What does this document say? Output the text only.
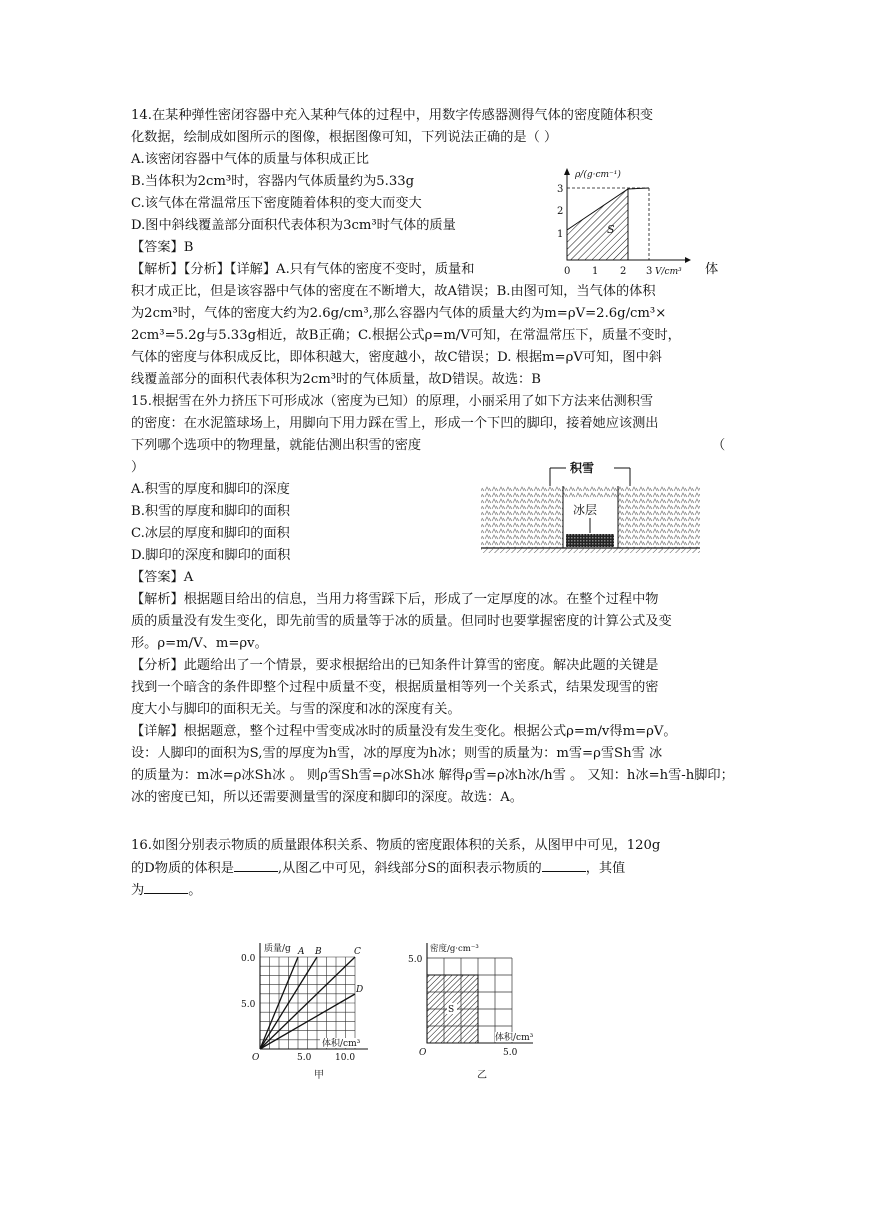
14.在某种弹性密闭容器中充入某种气体的过程中，用数字传感器测得气体的密度随体积变
化数据，绘制成如图所示的图像，根据图像可知，下列说法正确的是（ ）
A.该密闭容器中气体的质量与体积成正比
B.当体积为2cm³时，容器内气体质量约为5.33g
C.该气体在常温常压下密度随着体积的变大而变大
D.图中斜线覆盖部分面积代表体积为3cm³时气体的质量
【答案】B
【解析】【分析】【详解】A.只有气体的密度不变时，质量和	体
积才成正比，但是该容器中气体的密度在不断增大，故A错误；B.由图可知，当气体的体积
为2cm³时，气体的密度大约为2.6g/cm³,那么容器内气体的质量大约为m=ρV=2.6g/cm³×
2cm³=5.2g与5.33g相近，故B正确；C.根据公式ρ=m/V可知，在常温常压下，质量不变时，
气体的密度与体积成反比，即体积越大，密度越小，故C错误；D. 根据m=ρV可知，图中斜
线覆盖部分的面积代表体积为2cm³时的气体质量，故D错误。故选：B
S
ρ/(g·cm⁻¹)
V/cm³
0 1 2 3
1
2
3
15.根据雪在外力挤压下可形成冰（密度为已知）的原理，小丽采用了如下方法来估测积雪
的密度：在水泥篮球场上，用脚向下用力踩在雪上，形成一个下凹的脚印，接着她应该测出
下列哪个选项中的物理量，就能估测出积雪的密度	（
）
A.积雪的厚度和脚印的深度
B.积雪的厚度和脚印的面积
C.冰层的厚度和脚印的面积
D.脚印的深度和脚印的面积
【答案】A
【解析】根据题目给出的信息，当用力将雪踩下后，形成了一定厚度的冰。在整个过程中物
质的质量没有发生变化，即先前雪的质量等于冰的质量。但同时也要掌握密度的计算公式及变
形。ρ=m/V、m=ρv。
【分析】此题给出了一个情景，要求根据给出的已知条件计算雪的密度。解决此题的关键是
找到一个暗含的条件即整个过程中质量不变，根据质量相等列一个关系式，结果发现雪的密
度大小与脚印的面积无关。与雪的深度和冰的深度有关。
【详解】根据题意，整个过程中雪变成冰时的质量没有发生变化。根据公式ρ=m/v得m=ρV。
设：人脚印的面积为S,雪的厚度为h雪，冰的厚度为h冰；则雪的质量为：m雪=ρ雪Sh雪 冰
的质量为：m冰=ρ冰Sh冰 。 则ρ雪Sh雪=ρ冰Sh冰 解得ρ雪=ρ冰h冰/h雪 。 又知：h冰=h雪-h脚印；
冰的密度已知，所以还需要测量雪的深度和脚印的深度。故选：A。
积雪
冰层
16.如图分别表示物质的质量跟体积关系、物质的密度跟体积的关系，从图甲中可见，120g
的D物质的体积是	,从图乙中可见，斜线部分S的面积表示物质的	，其值
为	。
A B	C
D
质量/g
体积/cm³
0.0
5.0
O	5.0	10.0
甲
S
密度/g·cm⁻³
体积/cm³
5.0
O	5.0
乙
